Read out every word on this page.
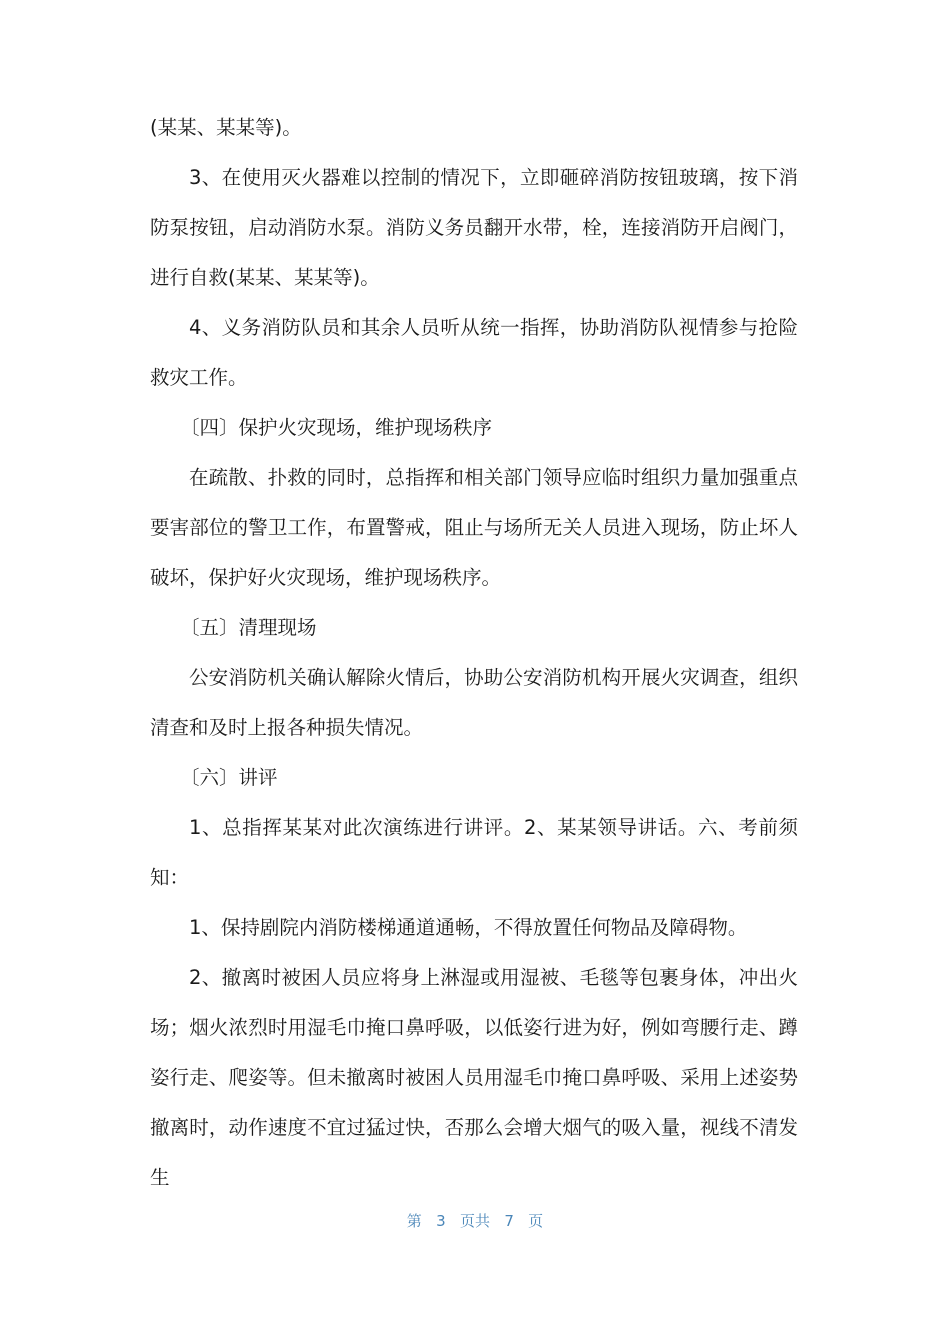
(某某、某某等)。

3、在使用灭火器难以控制的情况下，立即砸碎消防按钮玻璃，按下消防泵按钮，启动消防水泵。消防义务员翻开水带，栓，连接消防开启阀门，进行自救(某某、某某等)。

4、义务消防队员和其余人员听从统一指挥，协助消防队视情参与抢险救灾工作。

〔四〕保护火灾现场，维护现场秩序

在疏散、扑救的同时，总指挥和相关部门领导应临时组织力量加强重点要害部位的警卫工作，布置警戒，阻止与场所无关人员进入现场，防止坏人破坏，保护好火灾现场，维护现场秩序。

〔五〕清理现场

公安消防机关确认解除火情后，协助公安消防机构开展火灾调查，组织清查和及时上报各种损失情况。

〔六〕讲评

1、总指挥某某对此次演练进行讲评。2、某某领导讲话。六、考前须知：

1、保持剧院内消防楼梯通道通畅，不得放置任何物品及障碍物。

2、撤离时被困人员应将身上淋湿或用湿被、毛毯等包裹身体，冲出火场；烟火浓烈时用湿毛巾掩口鼻呼吸，以低姿行进为好，例如弯腰行走、蹲姿行走、爬姿等。但未撤离时被困人员用湿毛巾掩口鼻呼吸、采用上述姿势撤离时，动作速度不宜过猛过快，否那么会增大烟气的吸入量，视线不清发生

第 3 页共 7 页
